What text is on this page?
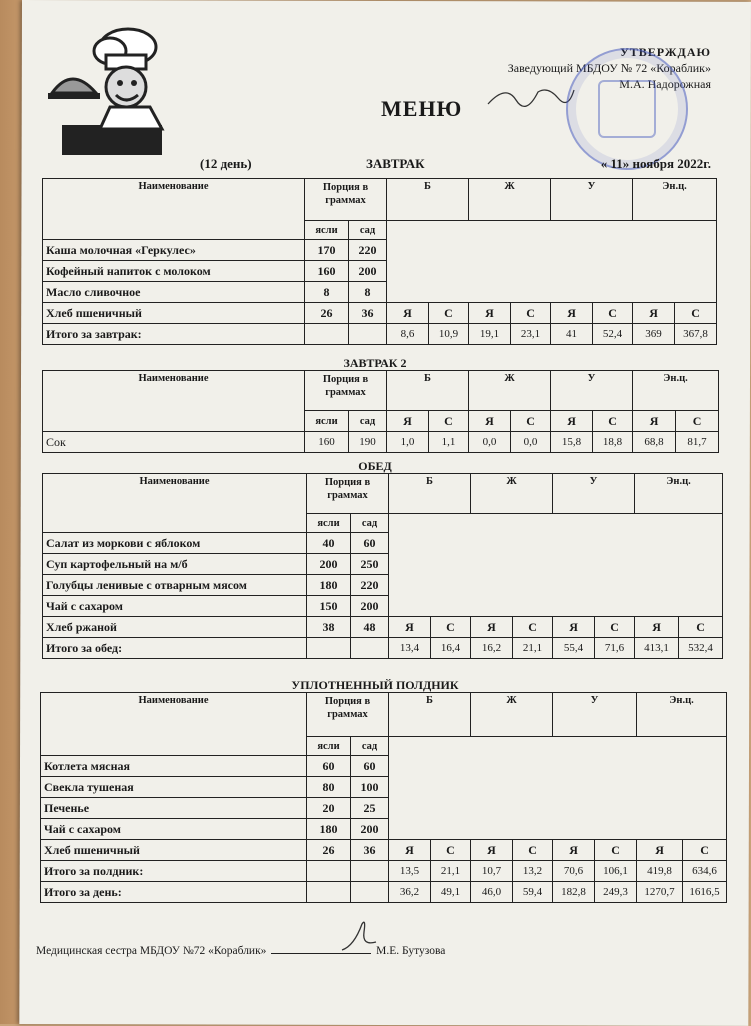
УТВЕРЖДАЮ
Заведующий МБДОУ № 72 «Кораблик»
М.А. Надорожная
МЕНЮ
(12 день)	ЗАВТРАК	« 11» ноября 2022г.
Наименование	Порция в граммах		Б		Ж		У		Эн.ц.	
	ясли	сад								
Каша молочная «Геркулес»	170	220								
Кофейный напиток с молоком	160	200								
Масло сливочное	8	8								
Хлеб пшеничный	26	36	Я	С	Я	С	Я	С	Я	С
Итого за завтрак:			8,6	10,9	19,1	23,1	41	52,4	369	367,8
ЗАВТРАК 2
Наименование	Порция в граммах		Б		Ж		У		Эн.ц.	
	ясли	сад	Я	С	Я	С	Я	С	Я	С
Сок	160	190	1,0	1,1	0,0	0,0	15,8	18,8	68,8	81,7
ОБЕД
Наименование	Порция в граммах		Б		Ж		У		Эн.ц.	
	ясли	сад								
Салат из моркови с яблоком	40	60								
Суп картофельный на м/б	200	250								
Голубцы ленивые с отварным мясом	180	220								
Чай с сахаром	150	200								
Хлеб ржаной	38	48	Я	С	Я	С	Я	С	Я	С
Итого за обед:			13,4	16,4	16,2	21,1	55,4	71,6	413,1	532,4
УПЛОТНЕННЫЙ ПОЛДНИК
Наименование	Порция в граммах		Б		Ж		У		Эн.ц.	
	ясли	сад								
Котлета мясная	60	60								
Свекла тушеная	80	100								
Печенье	20	25								
Чай с сахаром	180	200								
Хлеб пшеничный	26	36	Я	С	Я	С	Я	С	Я	С
Итого за полдник:			13,5	21,1	10,7	13,2	70,6	106,1	419,8	634,6
Итого за день:			36,2	49,1	46,0	59,4	182,8	249,3	1270,7	1616,5
Медицинская сестра МБДОУ №72 «Кораблик»	М.Е. Бутузова
